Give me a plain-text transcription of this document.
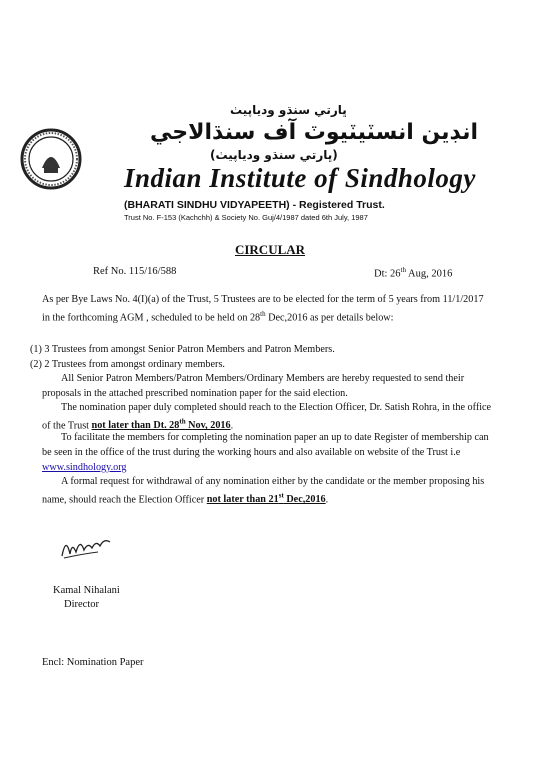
ڀارتي سنڌو ودياپيٺ
انڊين انسٽيٽيوٽ آف سنڌالاجي
(ڀارتي سنڌو ودياپيٺ)
Indian Institute of Sindhology
(BHARATI SINDHU VIDYAPEETH) - Registered Trust.
Trust No. F-153 (Kachchh) & Society No. Guj/4/1987 dated 6th July, 1987
CIRCULAR
Ref No. 115/16/588	Dt: 26th Aug, 2016
As per Bye Laws No. 4(I)(a) of the Trust, 5 Trustees are to be elected for the term of 5 years from 11/1/2017 in the forthcoming AGM , scheduled to be held on 28th Dec,2016 as per details below:
(1) 3 Trustees from amongst Senior Patron Members and Patron Members.
(2) 2 Trustees from amongst ordinary members.
All Senior Patron Members/Patron Members/Ordinary Members are hereby requested to send their proposals in the attached prescribed nomination paper for the said election.
The nomination paper duly completed should reach to the Election Officer, Dr. Satish Rohra, in the office of the Trust not later than Dt. 28th Nov, 2016.
To facilitate the members for completing the nomination paper an up to date Register of membership can be seen in the office of the trust during the working hours and also available on website of the Trust i.e www.sindhology.org
A formal request for withdrawal of any nomination either by the candidate or the member proposing his name, should reach the Election Officer not later than 21st Dec,2016.
Kamal Nihalani
Director
Encl: Nomination Paper
